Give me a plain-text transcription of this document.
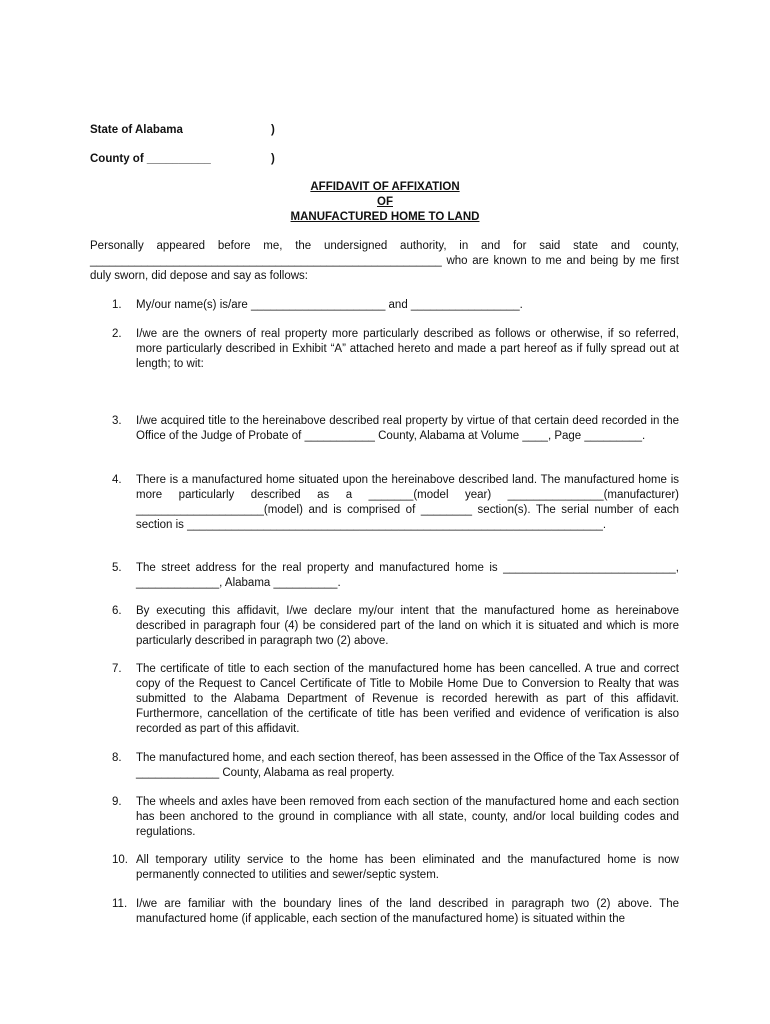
State of Alabama	)
County of __________	)
AFFIDAVIT OF AFFIXATION
OF
MANUFACTURED HOME TO LAND
Personally appeared before me, the undersigned authority, in and for said state and county, _______________________________________________________ who are known to me and being by me first duly sworn, did depose and say as follows:
1.	My/our name(s) is/are _____________________ and _________________.
2.	I/we are the owners of real property more particularly described as follows or otherwise, if so referred, more particularly described in Exhibit “A” attached hereto and made a part hereof as if fully spread out at length; to wit:
3.	I/we acquired title to the hereinabove described real property by virtue of that certain deed recorded in the Office of the Judge of Probate of ___________ County, Alabama at Volume ____, Page _________.
4.	There is a manufactured home situated upon the hereinabove described land. The manufactured home is more particularly described as a _______(model year) _______________(manufacturer) ____________________(model) and is comprised of ________ section(s). The serial number of each section is _________________________________________________________________.
5.	The street address for the real property and manufactured home is ___________________________, _____________, Alabama __________.
6.	By executing this affidavit, I/we declare my/our intent that the manufactured home as hereinabove described in paragraph four (4) be considered part of the land on which it is situated and which is more particularly described in paragraph two (2) above.
7.	The certificate of title to each section of the manufactured home has been cancelled. A true and correct copy of the Request to Cancel Certificate of Title to Mobile Home Due to Conversion to Realty that was submitted to the Alabama Department of Revenue is recorded herewith as part of this affidavit. Furthermore, cancellation of the certificate of title has been verified and evidence of verification is also recorded as part of this affidavit.
8.	The manufactured home, and each section thereof, has been assessed in the Office of the Tax Assessor of _____________ County, Alabama as real property.
9.	The wheels and axles have been removed from each section of the manufactured home and each section has been anchored to the ground in compliance with all state, county, and/or local building codes and regulations.
10. All temporary utility service to the home has been eliminated and the manufactured home is now permanently connected to utilities and sewer/septic system.
11. I/we are familiar with the boundary lines of the land described in paragraph two (2) above. The manufactured home (if applicable, each section of the manufactured home) is situated within the
